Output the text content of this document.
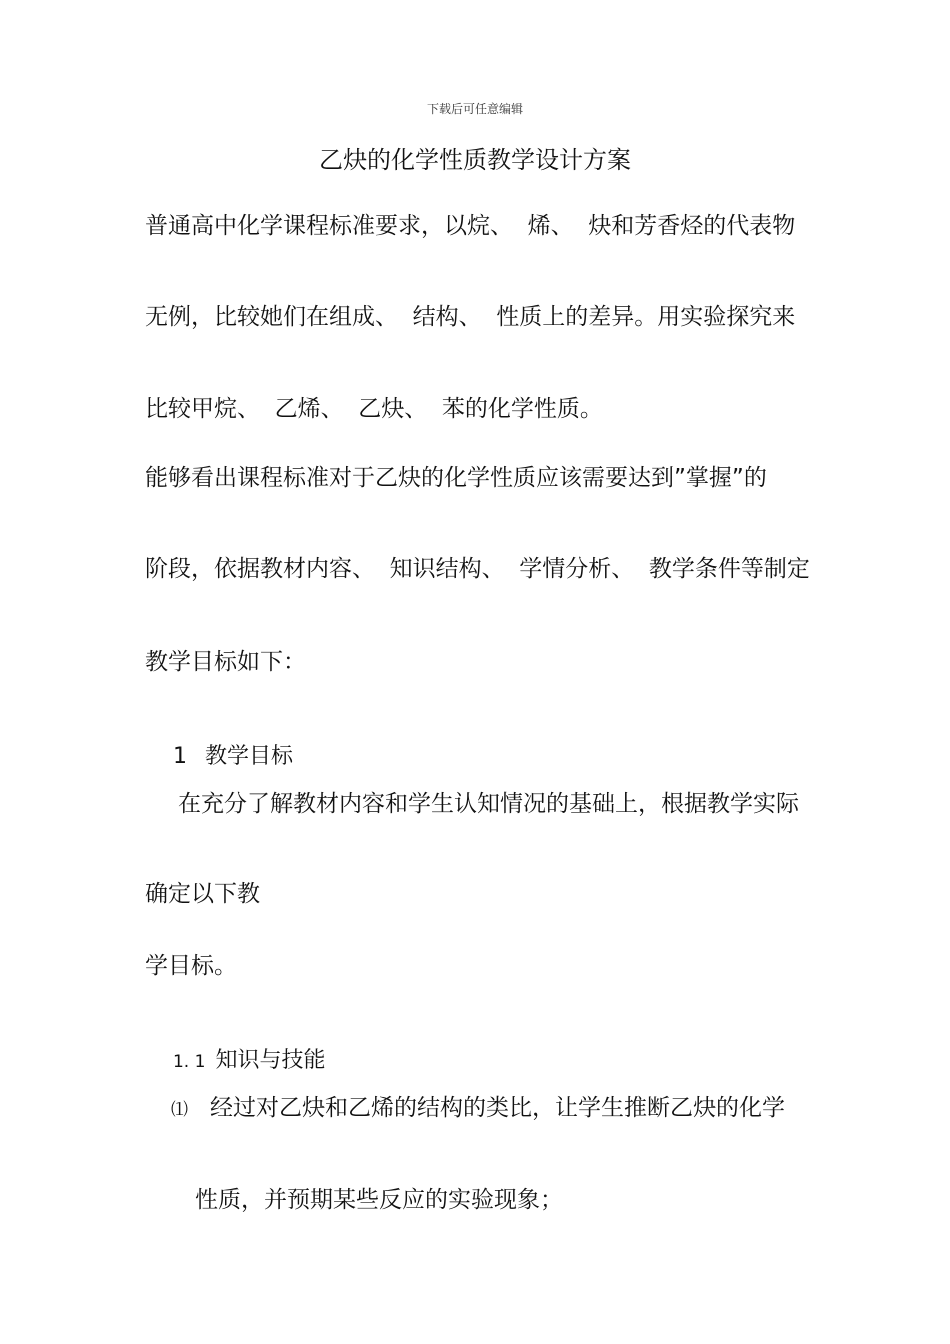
下载后可任意编辑

乙炔的化学性质教学设计方案

普通高中化学课程标准要求，以烷、  烯、  炔和芳香烃的代表物

无例，比较她们在组成、  结构、  性质上的差异。用实验探究来

比较甲烷、  乙烯、  乙炔、  苯的化学性质。

能够看出课程标准对于乙炔的化学性质应该需要达到”掌握”的

阶段，依据教材内容、  知识结构、  学情分析、  教学条件等制定

教学目标如下：

1 教学目标

在充分了解教材内容和学生认知情况的基础上，根据教学实际

确定以下教

学目标。

1. 1 知识与技能

⑴ 经过对乙炔和乙烯的结构的类比，让学生推断乙炔的化学

性质，并预期某些反应的实验现象；
